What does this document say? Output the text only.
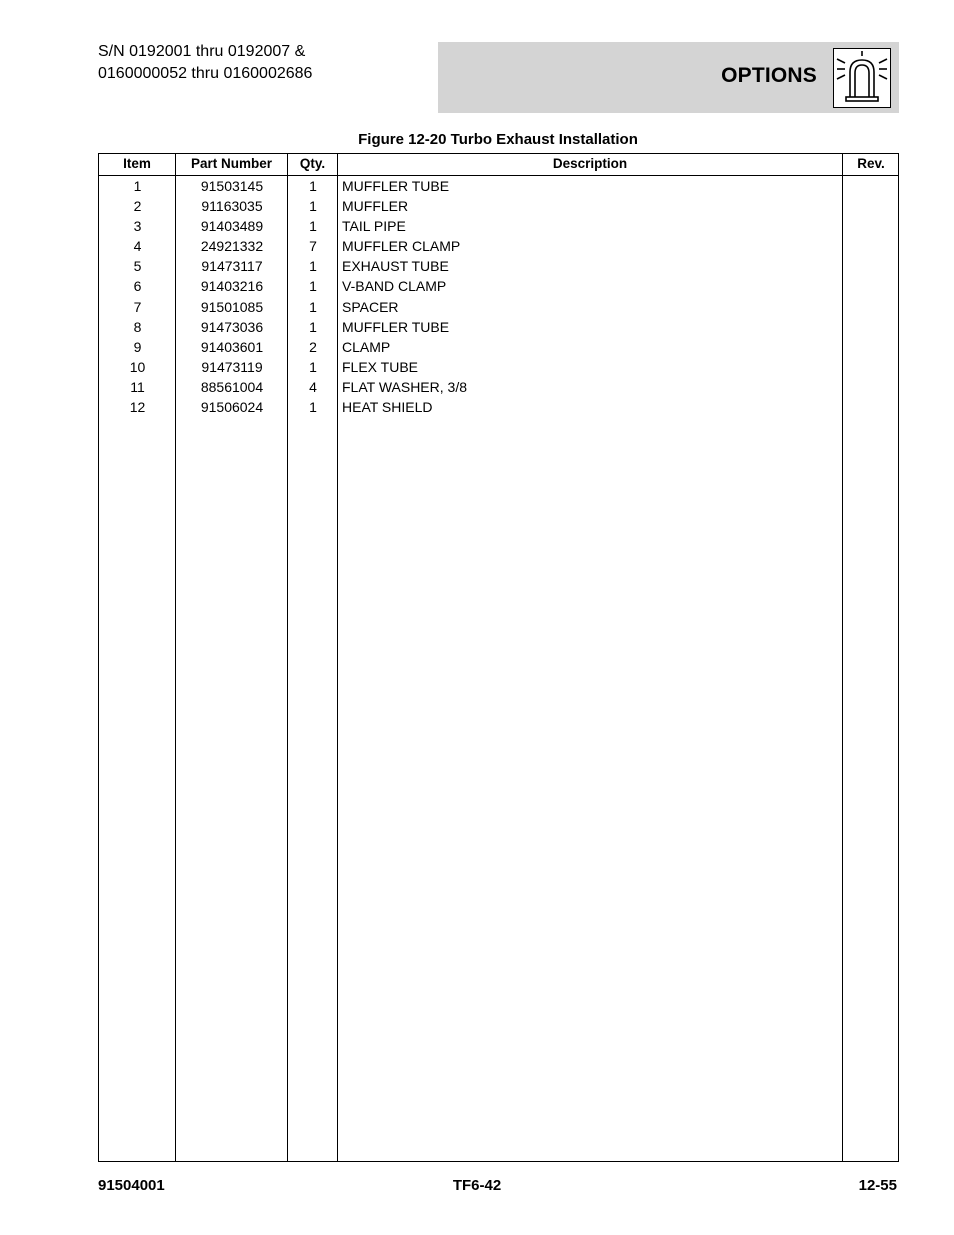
S/N 0192001 thru 0192007 &
0160000052 thru 0160002686	OPTIONS
Figure 12-20 Turbo Exhaust Installation
Item	Part Number	Qty.	Description	Rev.
1	91503145	1	MUFFLER TUBE
2	91163035	1	MUFFLER
3	91403489	1	TAIL PIPE
4	24921332	7	MUFFLER CLAMP
5	91473117	1	EXHAUST TUBE
6	91403216	1	V-BAND CLAMP
7	91501085	1	SPACER
8	91473036	1	MUFFLER TUBE
9	91403601	2	CLAMP
10	91473119	1	FLEX TUBE
11	88561004	4	FLAT WASHER, 3/8
12	91506024	1	HEAT SHIELD
91504001	TF6-42	12-55
